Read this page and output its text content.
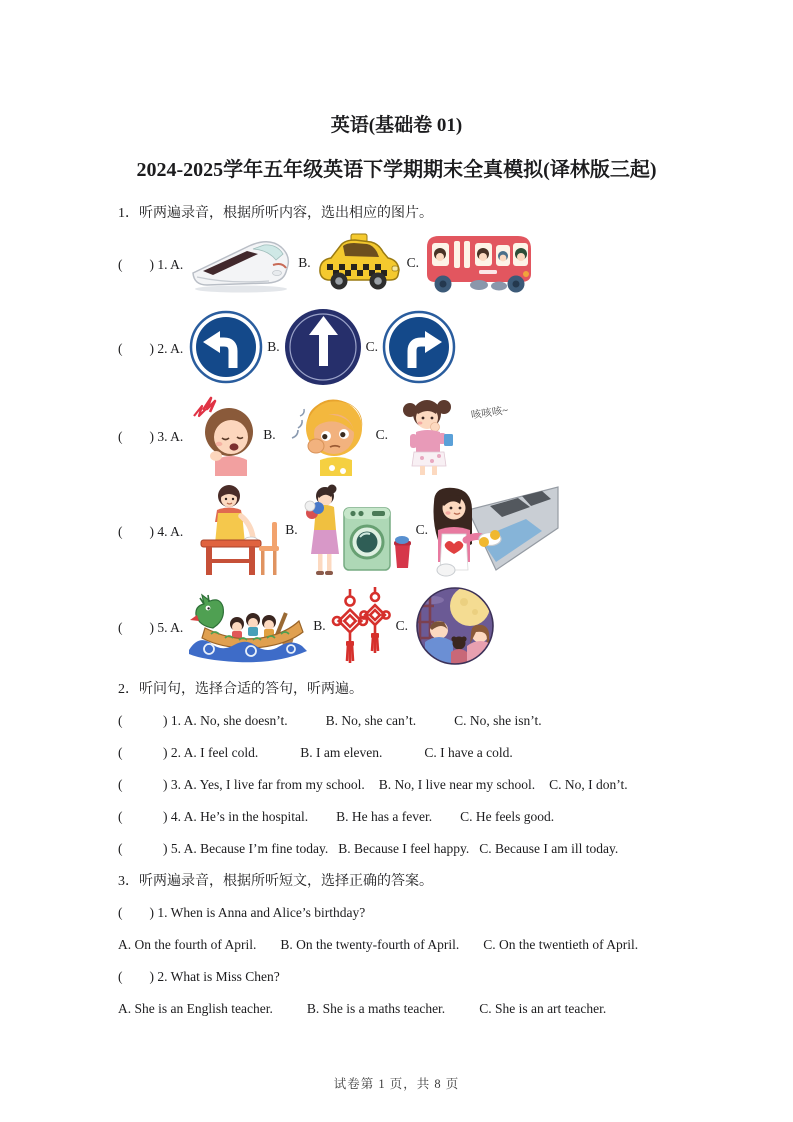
英语(基础卷 01)
2024-2025学年五年级英语下学期期末全真模拟(译林版三起)
1．听两遍录音，根据所听内容，选出相应的图片。
(　　) 1. A.

	B.

	C.

(　　) 2. A.

	B.

	C.

(　　) 3. A.

	B.

	C.

咳咳咳~

(　　) 4. A.

	B.

	C.

(　　) 5. A.

	B.

	C.

2．听问句，选择合适的答句，听两遍。
(　　　) 1. A. No, she doesn’t.	B. No, she can’t.	C. No, she isn’t.
(　　　) 2. A. I feel cold.	B. I am eleven.	C. I have a cold.
(　　　) 3. A. Yes, I live far from my school. B. No, I live near my school. C. No, I don’t.
(　　　) 4. A. He’s in the hospital. B. He has a fever. C. He feels good.
(　　　) 5. A. Because I’m fine today. B. Because I feel happy. C. Because I am ill today.
3．听两遍录音，根据所听短文，选择正确的答案。
(　　) 1. When is Anna and Alice’s birthday?
A. On the fourth of April. B. On the twenty-fourth of April. C. On the twentieth of April.
(　　) 2. What is Miss Chen?
A. She is an English teacher.	B. She is a maths teacher.	C. She is an art teacher.
试卷第 1 页，共 8 页
